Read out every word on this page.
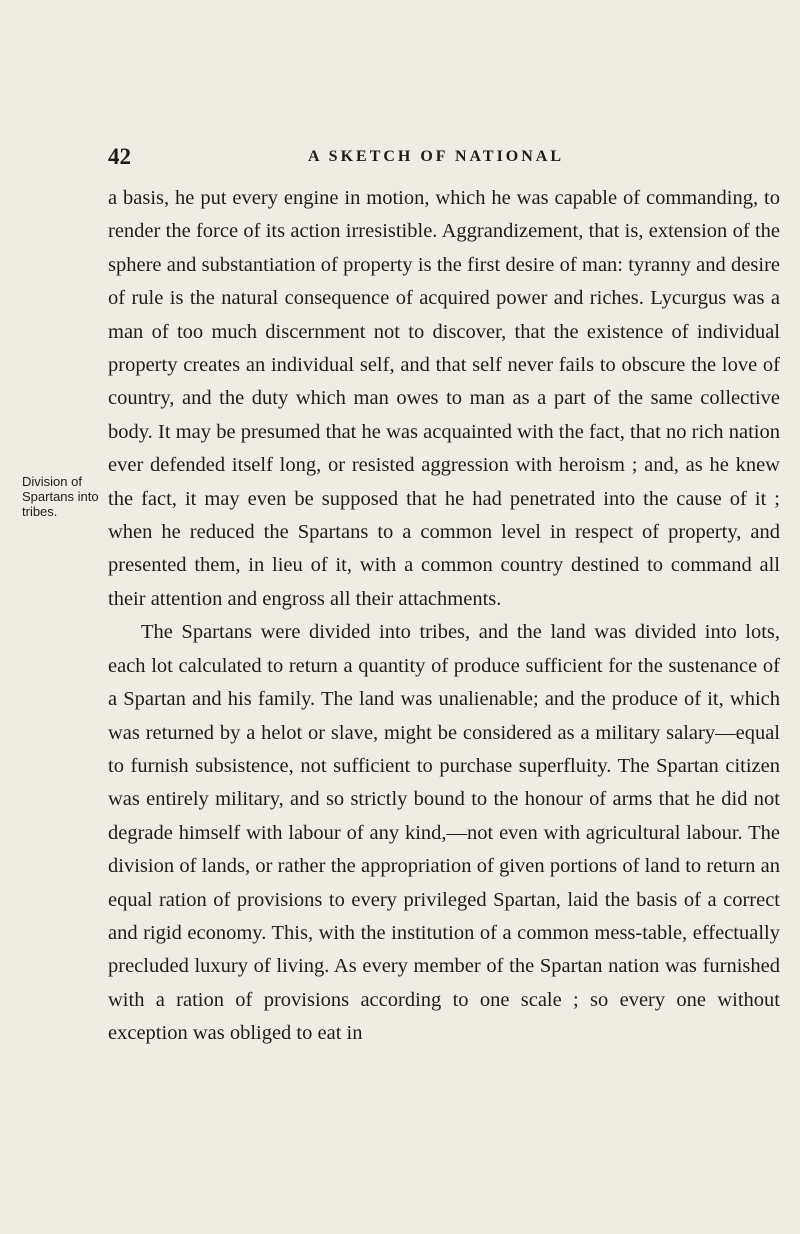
42	A SKETCH OF NATIONAL
Division of
Spartans into
tribes.

a basis, he put every engine in motion, which he was capable of commanding, to render the force of its action irresistible. Aggrandizement, that is, extension of the sphere and substantiation of property is the first desire of man: tyranny and desire of rule is the natural consequence of acquired power and riches. Lycurgus was a man of too much discernment not to discover, that the existence of individual property creates an individual self, and that self never fails to obscure the love of country, and the duty which man owes to man as a part of the same collective body. It may be presumed that he was acquainted with the fact, that no rich nation ever defended itself long, or resisted aggression with heroism ; and, as he knew the fact, it may even be supposed that he had penetrated into the cause of it ; when he reduced the Spartans to a common level in respect of property, and presented them, in lieu of it, with a common country destined to command all their attention and engross all their attachments.

The Spartans were divided into tribes, and the land was divided into lots, each lot calculated to return a quantity of produce sufficient for the sustenance of a Spartan and his family. The land was unalienable; and the produce of it, which was returned by a helot or slave, might be considered as a military salary—equal to furnish subsistence, not sufficient to purchase superfluity. The Spartan citizen was entirely military, and so strictly bound to the honour of arms that he did not degrade himself with labour of any kind,—not even with agricultural labour. The division of lands, or rather the appropriation of given portions of land to return an equal ration of provisions to every privileged Spartan, laid the basis of a correct and rigid economy. This, with the institution of a common mess-table, effectually precluded luxury of living. As every member of the Spartan nation was furnished with a ration of provisions according to one scale ; so every one without exception was obliged to eat in
